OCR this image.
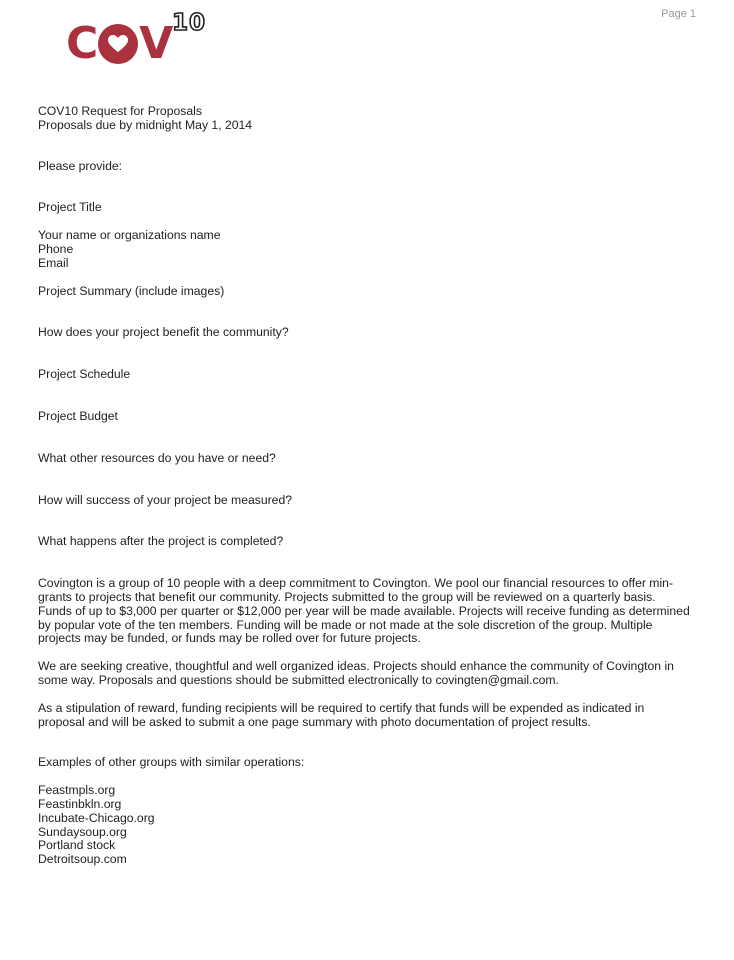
Page 1
C V 10
COV10 Request for Proposals
Proposals due by midnight May 1, 2014
Please provide:
Project Title
Your name or organizations name
Phone
Email
Project Summary (include images)
How does your project benefit the community?
Project Schedule
Project Budget
What other resources do you have or need?
How will success of your project be measured?
What happens after the project is completed?
Covington is a group of 10 people with a deep commitment to Covington. We pool our financial resources to offer min-
grants to projects that benefit our community. Projects submitted to the group will be reviewed on a quarterly basis.
Funds of up to $3,000 per quarter or $12,000 per year will be made available. Projects will receive funding as determined
by popular vote of the ten members. Funding will be made or not made at the sole discretion of the group. Multiple
projects may be funded, or funds may be rolled over for future projects.
We are seeking creative, thoughtful and well organized ideas. Projects should enhance the community of Covington in
some way. Proposals and questions should be submitted electronically to covingten@gmail.com.
As a stipulation of reward, funding recipients will be required to certify that funds will be expended as indicated in
proposal and will be asked to submit a one page summary with photo documentation of project results.
Examples of other groups with similar operations:
Feastmpls.org
Feastinbkln.org
Incubate-Chicago.org
Sundaysoup.org
Portland stock
Detroitsoup.com
